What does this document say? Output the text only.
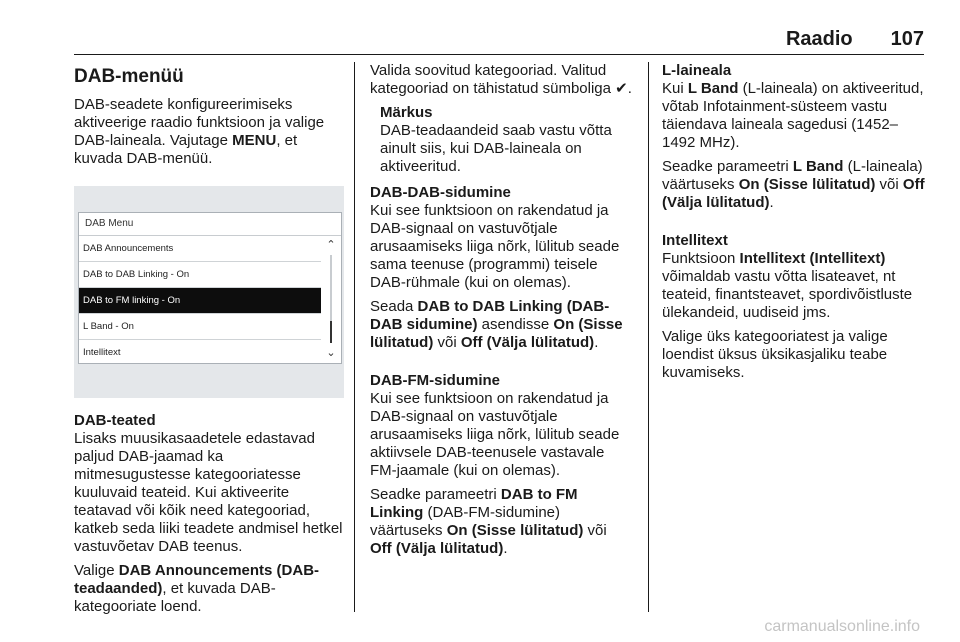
Raadio 107
DAB-menüü

DAB-seadete konfigureerimiseks aktiveerige raadio funktsioon ja valige DAB-laineala. Vajutage MENU, et kuvada DAB-menüü.

DAB Menu
DAB Announcements
DAB to DAB Linking - On
DAB to FM linking - On
L Band - On
Intellitext
⌃
⌄
DAB-teated

Lisaks muusikasaadetele edastavad paljud DAB-jaamad ka mitmesugustesse kategooriatesse kuuluvaid teateid. Kui aktiveerite teatavad või kõik need kategooriad, katkeb seda liiki teadete andmisel hetkel vastuvõetav DAB teenus.

Valige DAB Announcements (DAB-teadaanded), et kuvada DAB-kategooriate loend.

Valida soovitud kategooriad. Valitud kategooriad on tähistatud sümboliga ✔.

Märkus

DAB-teadaandeid saab vastu võtta ainult siis, kui DAB-laineala on aktiveeritud.

DAB-DAB-sidumine

Kui see funktsioon on rakendatud ja DAB-signaal on vastuvõtjale arusaamiseks liiga nõrk, lülitub seade sama teenuse (programmi) teisele DAB-rühmale (kui on olemas).

Seada DAB to DAB Linking (DAB-DAB sidumine) asendisse On (Sisse lülitatud) või Off (Välja lülitatud).

DAB-FM-sidumine

Kui see funktsioon on rakendatud ja DAB-signaal on vastuvõtjale arusaamiseks liiga nõrk, lülitub seade aktiivsele DAB-teenusele vastavale FM-jaamale (kui on olemas).

Seadke parameetri DAB to FM Linking (DAB-FM-sidumine) väärtuseks On (Sisse lülitatud) või Off (Välja lülitatud).

L-laineala

Kui L Band (L-laineala) on aktiveeritud, võtab Infotainment-süsteem vastu täiendava laineala sagedusi (1452–1492 MHz).

Seadke parameetri L Band (L-laineala) väärtuseks On (Sisse lülitatud) või Off (Välja lülitatud).

Intellitext

Funktsioon Intellitext (Intellitext) võimaldab vastu võtta lisateavet, nt teateid, finantsteavet, spordivõistluste ülekandeid, uudiseid jms.

Valige üks kategooriatest ja valige loendist üksus üksikasjaliku teabe kuvamiseks.

carmanualsonline.info
